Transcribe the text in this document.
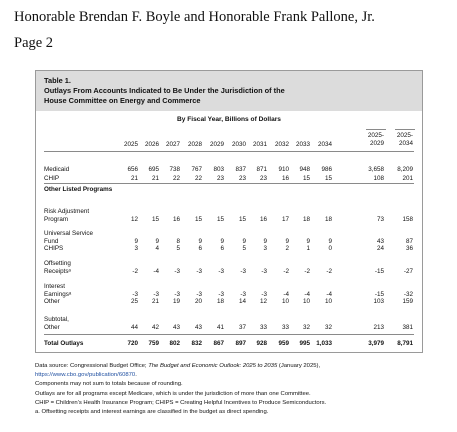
Honorable Brendan F. Boyle and Honorable Frank Pallone, Jr.
Page 2
Table 1.
Outlays From Accounts Indicated to Be Under the Jurisdiction of the
House Committee on Energy and Commerce
By Fiscal Year, Billions of Dollars
2025	2026	2027	2028	2029	2030	2031	2032	2033	2034
2025-
2029
2025-
2034
Medicaid	656	695	738	767	803	837	871	910	948	986	3,658	8,209
CHIP	21	21	22	22	23	23	23	16	15	15	108	201
Other Listed Programs
Risk Adjustment
Program	12	15	16	15	15	15	16	17	18	18	73	158
Universal Service
Fund	9	9	8	9	9	9	9	9	9	9	43	87
CHIPS	3	4	5	6	6	5	3	2	1	0	24	36
Offsetting
Receiptsᵃ	-2	-4	-3	-3	-3	-3	-3	-2	-2	-2	-15	-27
Interest
Earningsᵃ	-3	-3	-3	-3	-3	-3	-3	-4	-4	-4	-15	-32
Other	25	21	19	20	18	14	12	10	10	10	103	159
Subtotal,
Other	44	42	43	43	41	37	33	33	32	32	213	381
Total Outlays	720	759	802	832	867	897	928	959	995 1,033	3,979	8,791
Data source: Congressional Budget Office; The Budget and Economic Outlook: 2025 to 2035 (January 2025),
https://www.cbo.gov/publication/60870.
Components may not sum to totals because of rounding.
Outlays are for all programs except Medicare, which is under the jurisdiction of more than one Committee.
CHIP = Children’s Health Insurance Program; CHIPS = Creating Helpful Incentives to Produce Semiconductors.
a. Offsetting receipts and interest earnings are classified in the budget as direct spending.
